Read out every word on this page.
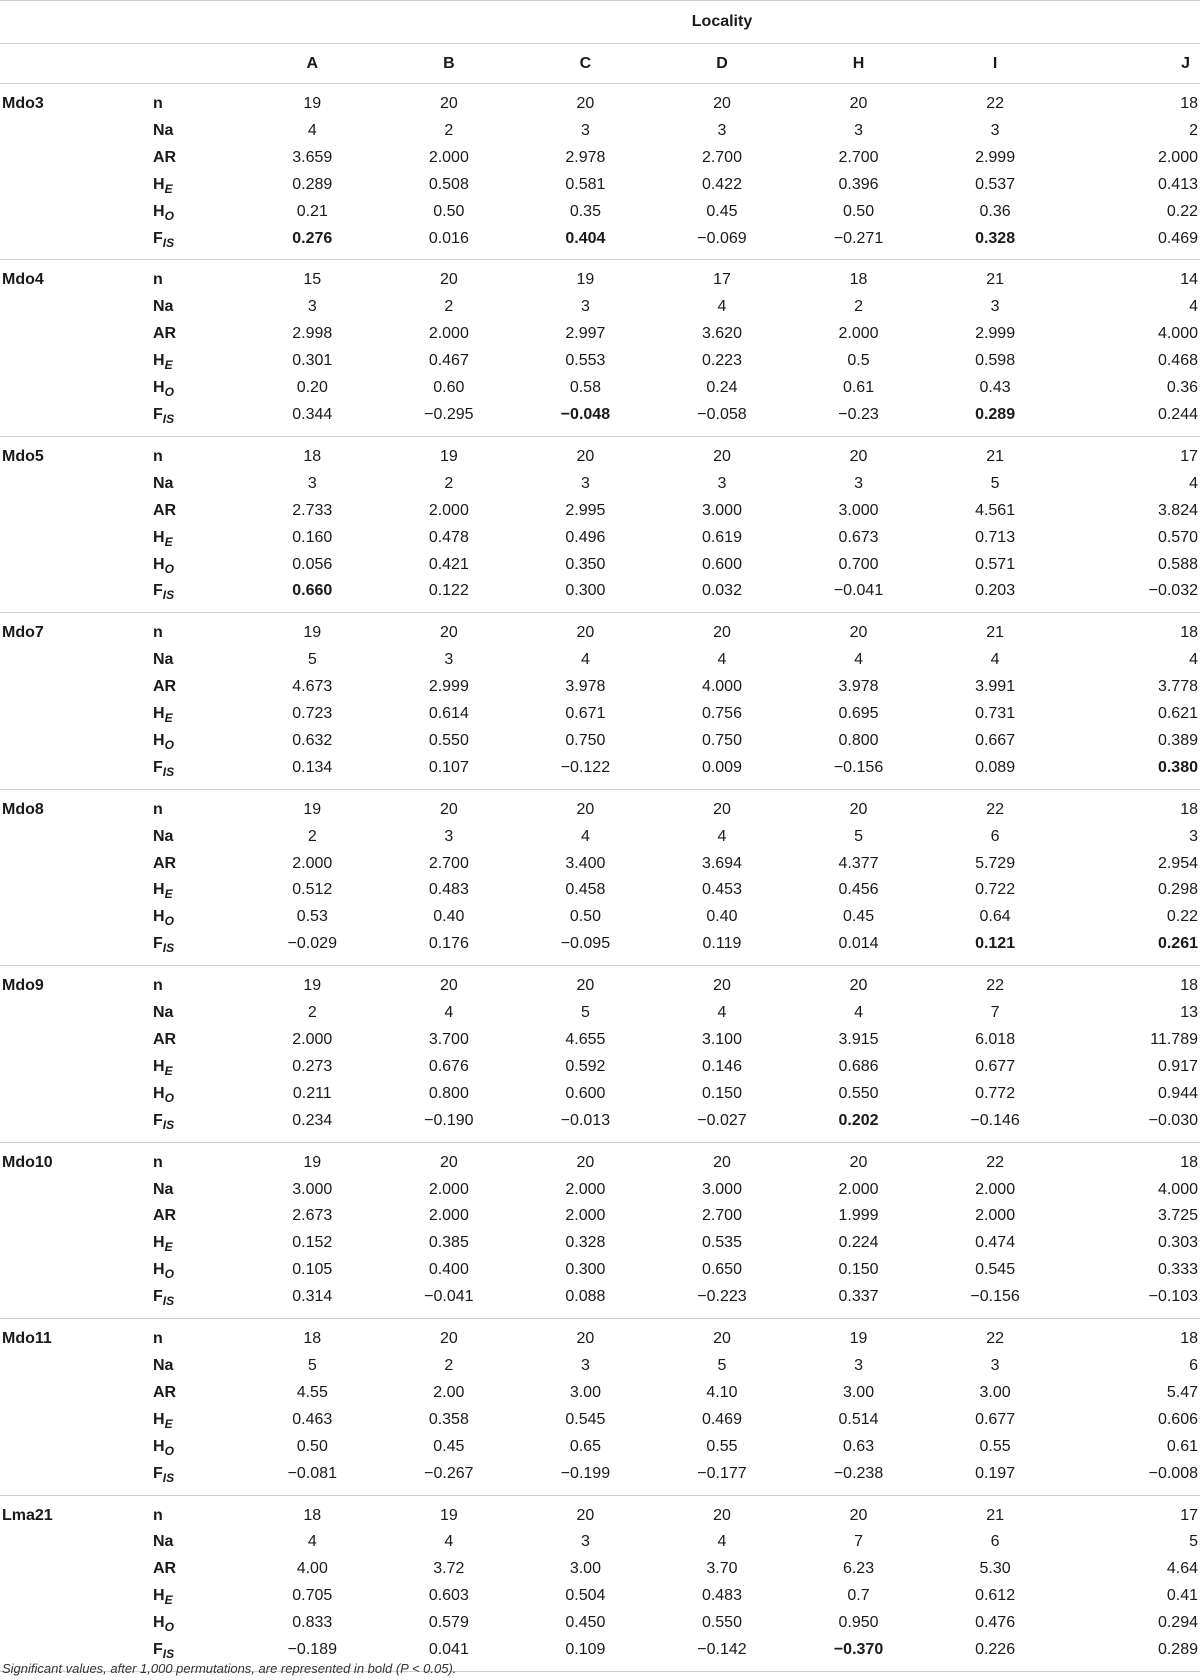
		Locality						
		A	B	C	D	H	I	J
Mdo3	n	19	20	20	20	20	22	18
	Na	4	2	3	3	3	3	2
	AR	3.659	2.000	2.978	2.700	2.700	2.999	2.000
	$H_E$	0.289	0.508	0.581	0.422	0.396	0.537	0.413
	$H_O$	0.21	0.50	0.35	0.45	0.50	0.36	0.22
	$F_{IS}$	0.276	0.016	0.404	−0.069	−0.271	0.328	0.469
Mdo4	n	15	20	19	17	18	21	14
	Na	3	2	3	4	2	3	4
	AR	2.998	2.000	2.997	3.620	2.000	2.999	4.000
	$H_E$	0.301	0.467	0.553	0.223	0.5	0.598	0.468
	$H_O$	0.20	0.60	0.58	0.24	0.61	0.43	0.36
	$F_{IS}$	0.344	−0.295	−0.048	−0.058	−0.23	0.289	0.244
Mdo5	n	18	19	20	20	20	21	17
	Na	3	2	3	3	3	5	4
	AR	2.733	2.000	2.995	3.000	3.000	4.561	3.824
	$H_E$	0.160	0.478	0.496	0.619	0.673	0.713	0.570
	$H_O$	0.056	0.421	0.350	0.600	0.700	0.571	0.588
	$F_{IS}$	0.660	0.122	0.300	0.032	−0.041	0.203	−0.032
Mdo7	n	19	20	20	20	20	21	18
	Na	5	3	4	4	4	4	4
	AR	4.673	2.999	3.978	4.000	3.978	3.991	3.778
	$H_E$	0.723	0.614	0.671	0.756	0.695	0.731	0.621
	$H_O$	0.632	0.550	0.750	0.750	0.800	0.667	0.389
	$F_{IS}$	0.134	0.107	−0.122	0.009	−0.156	0.089	0.380
Mdo8	n	19	20	20	20	20	22	18
	Na	2	3	4	4	5	6	3
	AR	2.000	2.700	3.400	3.694	4.377	5.729	2.954
	$H_E$	0.512	0.483	0.458	0.453	0.456	0.722	0.298
	$H_O$	0.53	0.40	0.50	0.40	0.45	0.64	0.22
	$F_{IS}$	−0.029	0.176	−0.095	0.119	0.014	0.121	0.261
Mdo9	n	19	20	20	20	20	22	18
	Na	2	4	5	4	4	7	13
	AR	2.000	3.700	4.655	3.100	3.915	6.018	11.789
	$H_E$	0.273	0.676	0.592	0.146	0.686	0.677	0.917
	$H_O$	0.211	0.800	0.600	0.150	0.550	0.772	0.944
	$F_{IS}$	0.234	−0.190	−0.013	−0.027	0.202	−0.146	−0.030
Mdo10	n	19	20	20	20	20	22	18
	Na	3.000	2.000	2.000	3.000	2.000	2.000	4.000
	AR	2.673	2.000	2.000	2.700	1.999	2.000	3.725
	$H_E$	0.152	0.385	0.328	0.535	0.224	0.474	0.303
	$H_O$	0.105	0.400	0.300	0.650	0.150	0.545	0.333
	$F_{IS}$	0.314	−0.041	0.088	−0.223	0.337	−0.156	−0.103
Mdo11	n	18	20	20	20	19	22	18
	Na	5	2	3	5	3	3	6
	AR	4.55	2.00	3.00	4.10	3.00	3.00	5.47
	$H_E$	0.463	0.358	0.545	0.469	0.514	0.677	0.606
	$H_O$	0.50	0.45	0.65	0.55	0.63	0.55	0.61
	$F_{IS}$	−0.081	−0.267	−0.199	−0.177	−0.238	0.197	−0.008
Lma21	n	18	19	20	20	20	21	17
	Na	4	4	3	4	7	6	5
	AR	4.00	3.72	3.00	3.70	6.23	5.30	4.64
	$H_E$	0.705	0.603	0.504	0.483	0.7	0.612	0.41
	$H_O$	0.833	0.579	0.450	0.550	0.950	0.476	0.294
	$F_{IS}$	−0.189	0.041	0.109	−0.142	−0.370	0.226	0.289
Significant values, after 1,000 permutations, are represented in bold (P < 0.05).
